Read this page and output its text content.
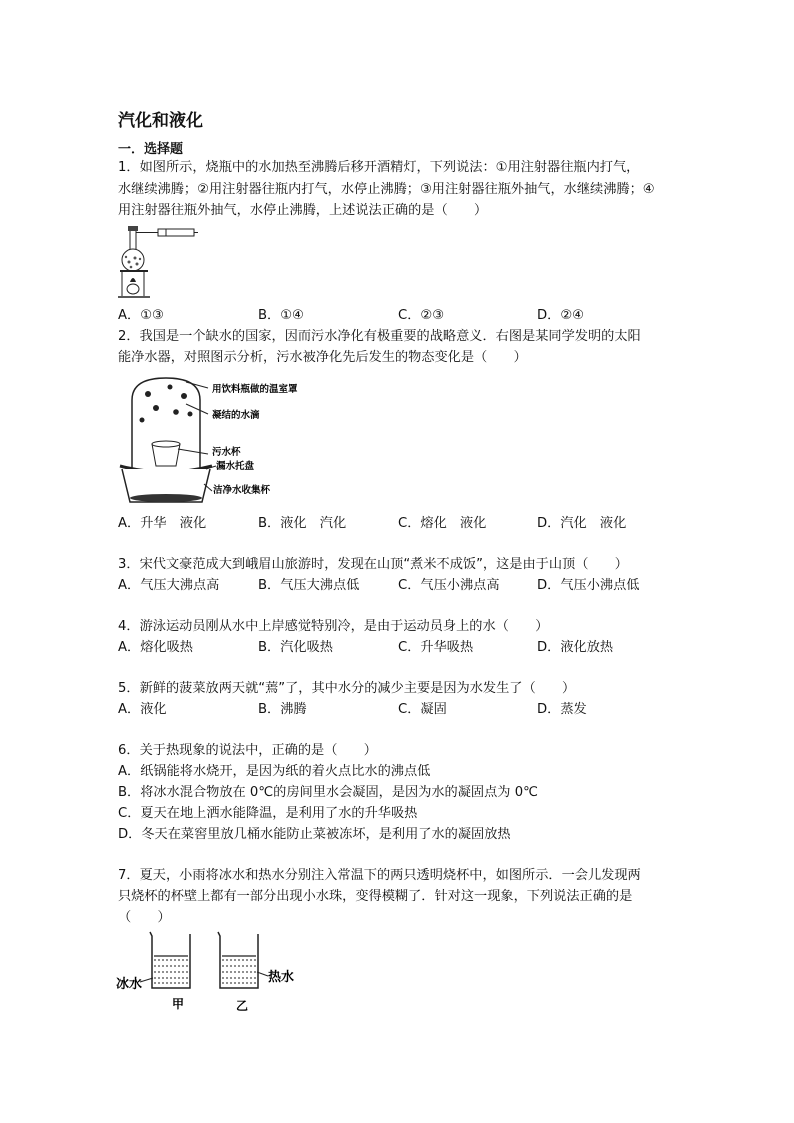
汽化和液化
一．选择题
1．如图所示，烧瓶中的水加热至沸腾后移开酒精灯，下列说法：①用注射器往瓶内打气，
水继续沸腾；②用注射器往瓶内打气，水停止沸腾；③用注射器往瓶外抽气，水继续沸腾；④
用注射器往瓶外抽气，水停止沸腾，上述说法正确的是（　　）
A．①③	B．①④	C．②③	D．②④
2．我国是一个缺水的国家，因而污水净化有极重要的战略意义．右图是某同学发明的太阳
能净水器，对照图示分析，污水被净化先后发生的物态变化是（　　）
用饮料瓶做的温室罩
凝结的水滴
污水杯
漏水托盘
洁净水收集杯
A．升华　液化	B．液化　汽化	C．熔化　液化	D．汽化　液化
3．宋代文豪范成大到峨眉山旅游时，发现在山顶“煮米不成饭”，这是由于山顶（　　）
A．气压大沸点高	B．气压大沸点低	C．气压小沸点高	D．气压小沸点低
4．游泳运动员刚从水中上岸感觉特别冷，是由于运动员身上的水（　　）
A．熔化吸热	B．汽化吸热	C．升华吸热	D．液化放热
5．新鲜的菠菜放两天就“蔫”了，其中水分的减少主要是因为水发生了（　　）
A．液化	B．沸腾	C．凝固	D．蒸发
6．关于热现象的说法中，正确的是（　　）
A．纸锅能将水烧开，是因为纸的着火点比水的沸点低
B．将冰水混合物放在 0℃的房间里水会凝固，是因为水的凝固点为 0℃
C．夏天在地上洒水能降温，是利用了水的升华吸热
D．冬天在菜窖里放几桶水能防止菜被冻坏，是利用了水的凝固放热
7．夏天，小雨将冰水和热水分别注入常温下的两只透明烧杯中，如图所示．一会儿发现两
只烧杯的杯壁上都有一部分出现小水珠，变得模糊了．针对这一现象，下列说法正确的是
（　　）
冰水	热水
甲	乙
